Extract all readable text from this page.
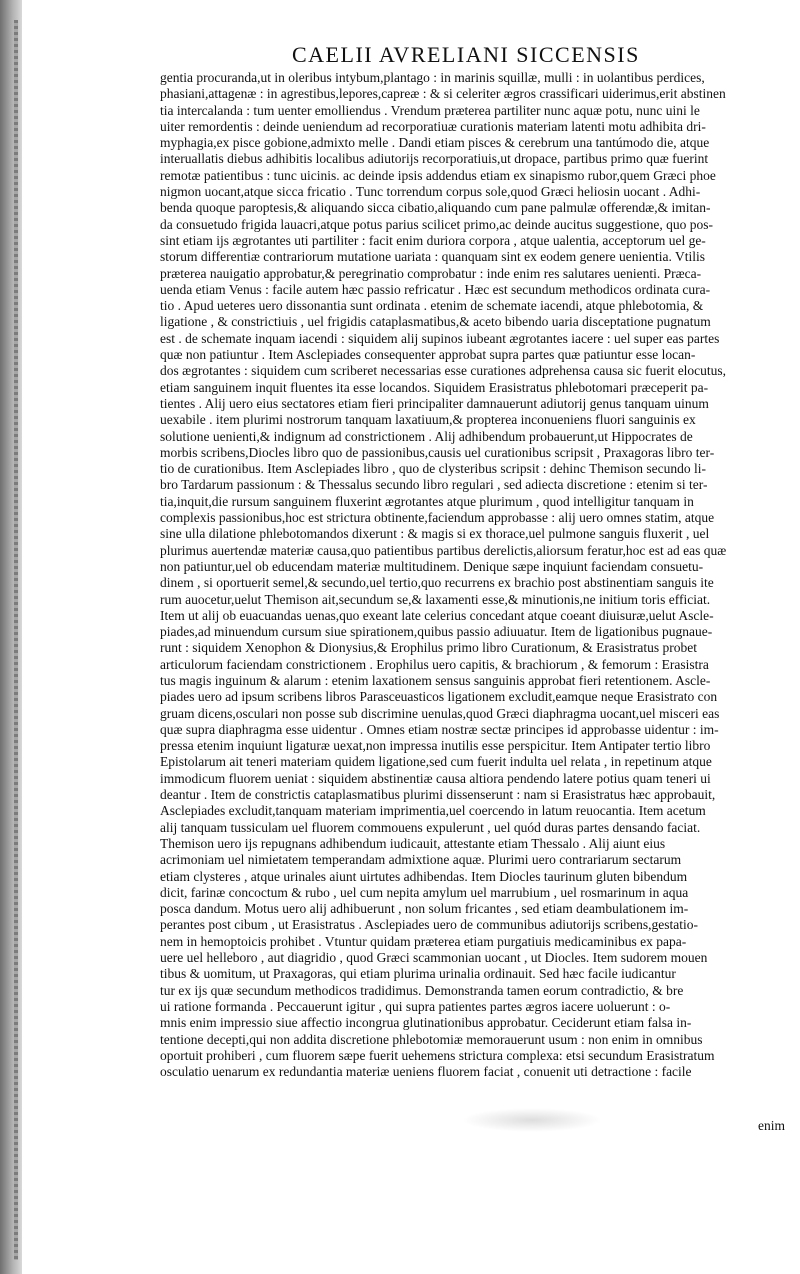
CAELII AVRELIANI SICCENSIS
gentia procuranda,ut in oleribus intybum,plantago : in marinis squillæ, mulli : in uolantibus perdices,
phasiani,attagenæ : in agrestibus,lepores,capreæ : & si celeriter ægros crassificari uiderimus,erit abstinen
tia intercalanda : tum uenter emolliendus . Vrendum præterea partiliter nunc aquæ potu, nunc uini le
uiter remordentis : deinde ueniendum ad recorporatiuæ curationis materiam latenti motu adhibita dri-
myphagia,ex pisce gobione,admixto melle . Dandi etiam pisces & cerebrum una tantúmodo die, atque
interuallatis diebus adhibitis localibus adiutorijs recorporatiuis,ut dropace, partibus primo quæ fuerint
remotæ patientibus : tunc uicinis. ac deinde ipsis addendus etiam ex sinapismo rubor,quem Græci phoe
nigmon uocant,atque sicca fricatio . Tunc torrendum corpus sole,quod Græci heliosin uocant . Adhi-
benda quoque paroptesis,& aliquando sicca cibatio,aliquando cum pane palmulæ offerendæ,& imitan-
da consuetudo frigida lauacri,atque potus parius scilicet primo,ac deinde aucitus suggestione, quo pos-
sint etiam ijs ægrotantes uti partiliter : facit enim duriora corpora , atque ualentia, acceptorum uel ge-
storum differentiæ contrariorum mutatione uariata : quanquam sint ex eodem genere uenientia. Vtilis
præterea nauigatio approbatur,& peregrinatio comprobatur : inde enim res salutares uenienti. Præca-
uenda etiam Venus : facile autem hæc passio refricatur . Hæc est secundum methodicos ordinata cura-
tio . Apud ueteres uero dissonantia sunt ordinata . etenim de schemate iacendi, atque phlebotomia, &
ligatione , & constrictiuis , uel frigidis cataplasmatibus,& aceto bibendo uaria disceptatione pugnatum
est . de schemate inquam iacendi : siquidem alij supinos iubeant ægrotantes iacere : uel super eas partes
quæ non patiuntur . Item Asclepiades consequenter approbat supra partes quæ patiuntur esse locan-
dos ægrotantes : siquidem cum scriberet necessarias esse curationes adprehensa causa sic fuerit elocutus,
etiam sanguinem inquit fluentes ita esse locandos. Siquidem Erasistratus phlebotomari præceperit pa-
tientes . Alij uero eius sectatores etiam fieri principaliter damnauerunt adiutorij genus tanquam uinum
uexabile . item plurimi nostrorum tanquam laxatiuum,& propterea inconueniens fluori sanguinis ex
solutione uenienti,& indignum ad constrictionem . Alij adhibendum probauerunt,ut Hippocrates de
morbis scribens,Diocles libro quo de passionibus,causis uel curationibus scripsit , Praxagoras libro ter-
tio de curationibus. Item Asclepiades libro , quo de clysteribus scripsit : dehinc Themison secundo li-
bro Tardarum passionum : & Thessalus secundo libro regulari , sed adiecta discretione : etenim si ter-
tia,inquit,die rursum sanguinem fluxerint ægrotantes atque plurimum , quod intelligitur tanquam in
complexis passionibus,hoc est strictura obtinente,faciendum approbasse : alij uero omnes statim, atque
sine ulla dilatione phlebotomandos dixerunt : & magis si ex thorace,uel pulmone sanguis fluxerit , uel
plurimus auertendæ materiæ causa,quo patientibus partibus derelictis,aliorsum feratur,hoc est ad eas quæ
non patiuntur,uel ob educendam materiæ multitudinem. Denique sæpe inquiunt faciendam consuetu-
dinem , si oportuerit semel,& secundo,uel tertio,quo recurrens ex brachio post abstinentiam sanguis ite
rum auocetur,uelut Themison ait,secundum se,& laxamenti esse,& minutionis,ne initium toris efficiat.
Item ut alij ob euacuandas uenas,quo exeant late celerius concedant atque coeant diuisuræ,uelut Ascle-
piades,ad minuendum cursum siue spirationem,quibus passio adiuuatur. Item de ligationibus pugnaue-
runt : siquidem Xenophon & Dionysius,& Erophilus primo libro Curationum, & Erasistratus probet
articulorum faciendam constrictionem . Erophilus uero capitis, & brachiorum , & femorum : Erasistra
tus magis inguinum & alarum : etenim laxationem sensus sanguinis approbat fieri retentionem. Ascle-
piades uero ad ipsum scribens libros Parasceuasticos ligationem excludit,eamque neque Erasistrato con
gruam dicens,osculari non posse sub discrimine uenulas,quod Græci diaphragma uocant,uel misceri eas
quæ supra diaphragma esse uidentur . Omnes etiam nostræ sectæ principes id approbasse uidentur : im-
pressa etenim inquiunt ligaturæ uexat,non impressa inutilis esse perspicitur. Item Antipater tertio libro
Epistolarum ait teneri materiam quidem ligatione,sed cum fuerit indulta uel relata , in repetinum atque
immodicum fluorem ueniat : siquidem abstinentiæ causa altiora pendendo latere potius quam teneri ui
deantur . Item de constrictis cataplasmatibus plurimi dissenserunt : nam si Erasistratus hæc approbauit,
Asclepiades excludit,tanquam materiam imprimentia,uel coercendo in latum reuocantia. Item acetum
alij tanquam tussiculam uel fluorem commouens expulerunt , uel quód duras partes densando faciat.
Themison uero ijs repugnans adhibendum iudicauit, attestante etiam Thessalo . Alij aiunt eius
acrimoniam uel nimietatem temperandam admixtione aquæ. Plurimi uero contrariarum sectarum
etiam clysteres , atque urinales aiunt uirtutes adhibendas. Item Diocles taurinum gluten bibendum
dicit, farinæ concoctum & rubo , uel cum nepita amylum uel marrubium , uel rosmarinum in aqua
posca dandum. Motus uero alij adhibuerunt , non solum fricantes , sed etiam deambulationem im-
perantes post cibum , ut Erasistratus . Asclepiades uero de communibus adiutorijs scribens,gestatio-
nem in hemoptoicis prohibet . Vtuntur quidam præterea etiam purgatiuis medicaminibus ex papa-
uere uel helleboro , aut diagridio , quod Græci scammonian uocant , ut Diocles. Item sudorem mouen
tibus & uomitum, ut Praxagoras, qui etiam plurima urinalia ordinauit. Sed hæc facile iudicantur
tur ex ijs quæ secundum methodicos tradidimus. Demonstranda tamen eorum contradictio, & bre
ui ratione formanda . Peccauerunt igitur , qui supra patientes partes ægros iacere uoluerunt : o-
mnis enim impressio siue affectio incongrua glutinationibus approbatur. Ceciderunt etiam falsa in-
tentione decepti,qui non addita discretione phlebotomiæ memorauerunt usum : non enim in omnibus
oportuit prohiberi , cum fluorem sæpe fuerit uehemens strictura complexa: etsi secundum Erasistratum
osculatio uenarum ex redundantia materiæ ueniens fluorem faciat , conuenit uti detractione : facile
enim
